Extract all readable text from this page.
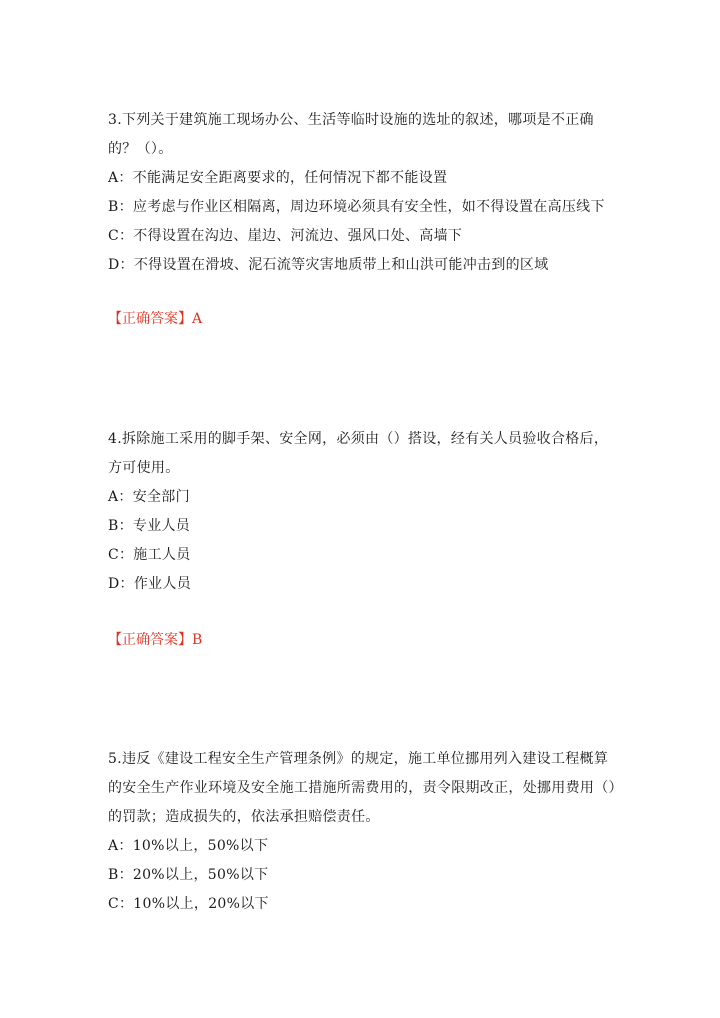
3.下列关于建筑施工现场办公、生活等临时设施的选址的叙述，哪项是不正确的？（）。

A：不能满足安全距离要求的，任何情况下都不能设置

B：应考虑与作业区相隔离，周边环境必须具有安全性，如不得设置在高压线下

C：不得设置在沟边、崖边、河流边、强风口处、高墙下

D：不得设置在滑坡、泥石流等灾害地质带上和山洪可能冲击到的区域

【正确答案】A

4.拆除施工采用的脚手架、安全网，必须由（）搭设，经有关人员验收合格后，方可使用。

A：安全部门

B：专业人员

C：施工人员

D：作业人员

【正确答案】B

5.违反《建设工程安全生产管理条例》的规定，施工单位挪用列入建设工程概算的安全生产作业环境及安全施工措施所需费用的，责令限期改正，处挪用费用（）的罚款；造成损失的，依法承担赔偿责任。

A：10%以上，50%以下

B：20%以上，50%以下

C：10%以上，20%以下
